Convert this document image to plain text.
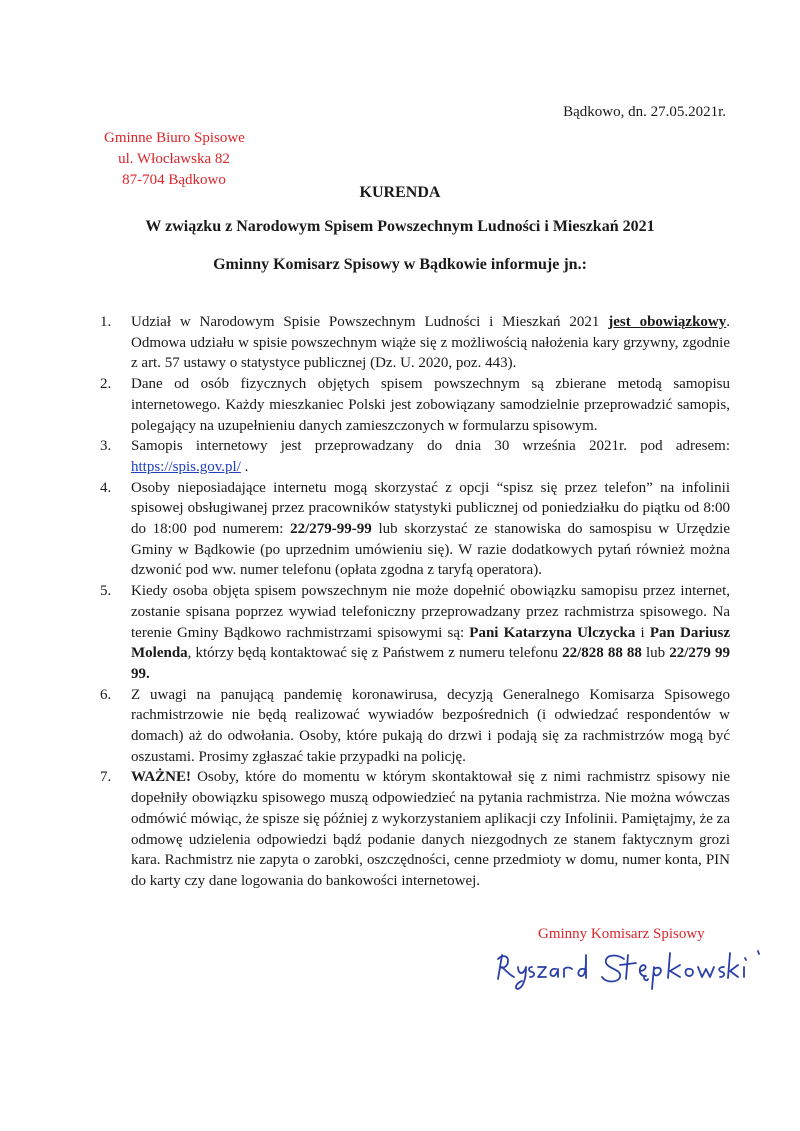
Bądkowo, dn. 27.05.2021r.
Gminne Biuro Spisowe
ul. Włocławska 82
87-704 Bądkowo
KURENDA
W związku z Narodowym Spisem Powszechnym Ludności i Mieszkań 2021
Gminny Komisarz Spisowy w Bądkowie informuje jn.:
1. Udział w Narodowym Spisie Powszechnym Ludności i Mieszkań 2021 jest obowiązkowy. Odmowa udziału w spisie powszechnym wiąże się z możliwością nałożenia kary grzywny, zgodnie z art. 57 ustawy o statystyce publicznej (Dz. U. 2020, poz. 443).
2. Dane od osób fizycznych objętych spisem powszechnym są zbierane metodą samopisu internetowego. Każdy mieszkaniec Polski jest zobowiązany samodzielnie przeprowadzić samopis, polegający na uzupełnieniu danych zamieszczonych w formularzu spisowym.
3. Samopis internetowy jest przeprowadzany do dnia 30 września 2021r. pod adresem: https://spis.gov.pl/ .
4. Osoby nieposiadające internetu mogą skorzystać z opcji “spisz się przez telefon” na infolinii spisowej obsługiwanej przez pracowników statystyki publicznej od poniedziałku do piątku od 8:00 do 18:00 pod numerem: 22/279-99-99 lub skorzystać ze stanowiska do samospisu w Urzędzie Gminy w Bądkowie (po uprzednim umówieniu się). W razie dodatkowych pytań również można dzwonić pod ww. numer telefonu (opłata zgodna z taryfą operatora).
5. Kiedy osoba objęta spisem powszechnym nie może dopełnić obowiązku samopisu przez internet, zostanie spisana poprzez wywiad telefoniczny przeprowadzany przez rachmistrza spisowego. Na terenie Gminy Bądkowo rachmistrzami spisowymi są: Pani Katarzyna Ulczycka i Pan Dariusz Molenda, którzy będą kontaktować się z Państwem z numeru telefonu 22/828 88 88 lub 22/279 99 99.
6. Z uwagi na panującą pandemię koronawirusa, decyzją Generalnego Komisarza Spisowego rachmistrzowie nie będą realizować wywiadów bezpośrednich (i odwiedzać respondentów w domach) aż do odwołania. Osoby, które pukają do drzwi i podają się za rachmistrzów mogą być oszustami. Prosimy zgłaszać takie przypadki na policję.
7. WAŻNE! Osoby, które do momentu w którym skontaktował się z nimi rachmistrz spisowy nie dopełniły obowiązku spisowego muszą odpowiedzieć na pytania rachmistrza. Nie można wówczas odmówić mówiąc, że spisze się później z wykorzystaniem aplikacji czy Infolinii. Pamiętajmy, że za odmowę udzielenia odpowiedzi bądź podanie danych niezgodnych ze stanem faktycznym grozi kara. Rachmistrz nie zapyta o zarobki, oszczędności, cenne przedmioty w domu, numer konta, PIN do karty czy dane logowania do bankowości internetowej.
Gminny Komisarz Spisowy
